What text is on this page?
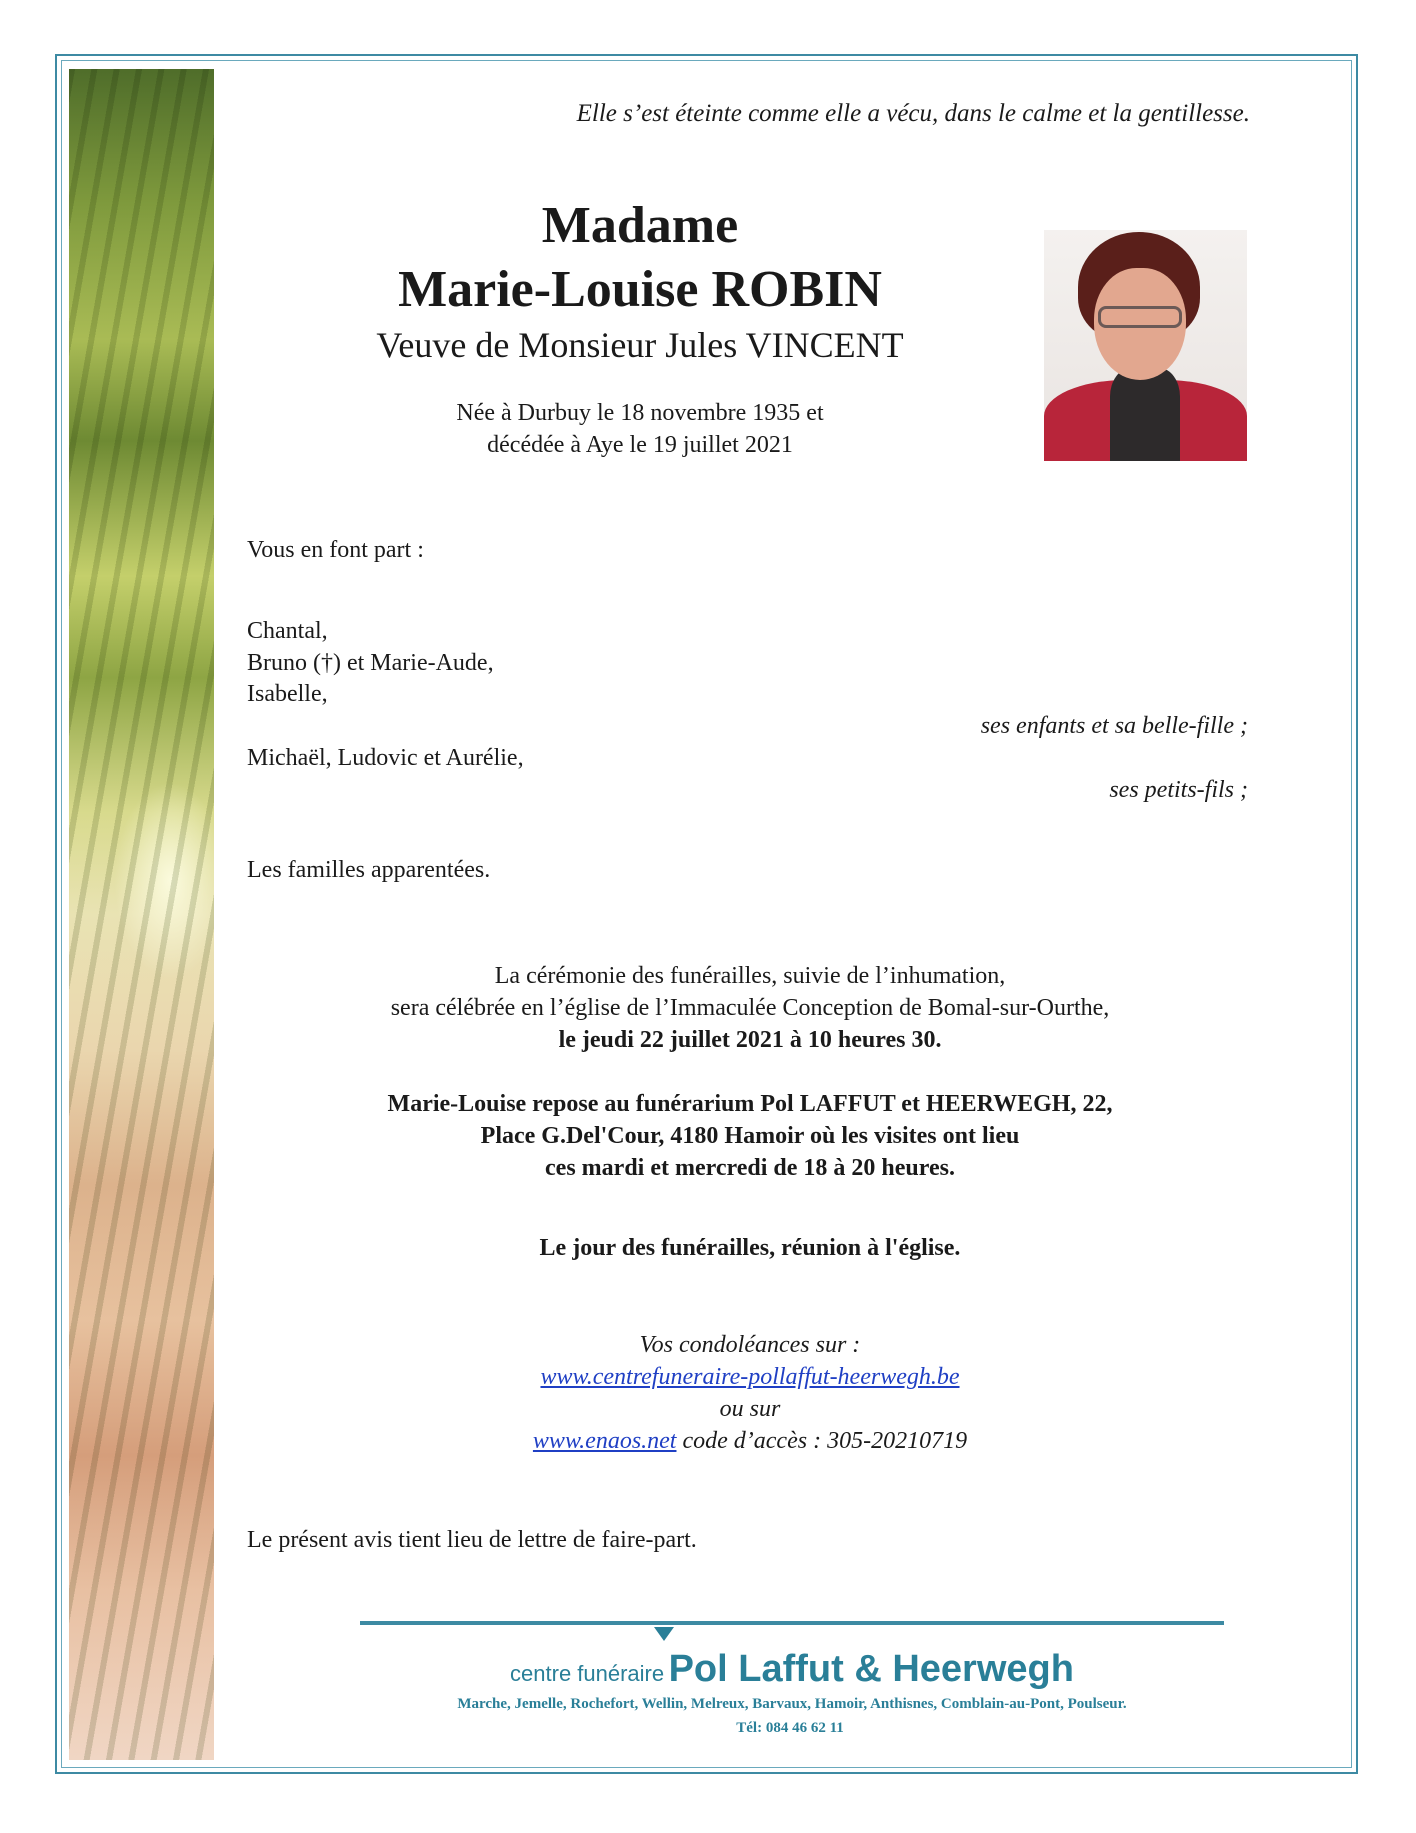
Elle s’est éteinte comme elle a vécu, dans le calme et la gentillesse.
Madame
Marie-Louise ROBIN
Veuve de Monsieur Jules VINCENT
Née à Durbuy le 18 novembre 1935 et
décédée à Aye le 19 juillet 2021
Vous en font part :
Chantal,
Bruno (†) et Marie-Aude,
Isabelle,
ses enfants et sa belle-fille ;
Michaël, Ludovic et Aurélie,
ses petits-fils ;
Les familles apparentées.
La cérémonie des funérailles, suivie de l’inhumation,
sera célébrée en l’église de l’Immaculée Conception de Bomal-sur-Ourthe,
le jeudi 22 juillet 2021 à 10 heures 30.
Marie-Louise repose au funérarium Pol LAFFUT et HEERWEGH, 22,
Place G.Del'Cour, 4180 Hamoir où les visites ont lieu
ces mardi et mercredi de 18 à 20 heures.
Le jour des funérailles, réunion à l'église.
Vos condoléances sur :
www.centrefuneraire-pollaffut-heerwegh.be
ou sur
www.enaos.net code d’accès : 305-20210719
Le présent avis tient lieu de lettre de faire-part.
centre funéraire Pol Laffut & Heerwegh
Marche, Jemelle, Rochefort, Wellin, Melreux, Barvaux, Hamoir, Anthisnes, Comblain-au-Pont, Poulseur.
Tél: 084 46 62 11
